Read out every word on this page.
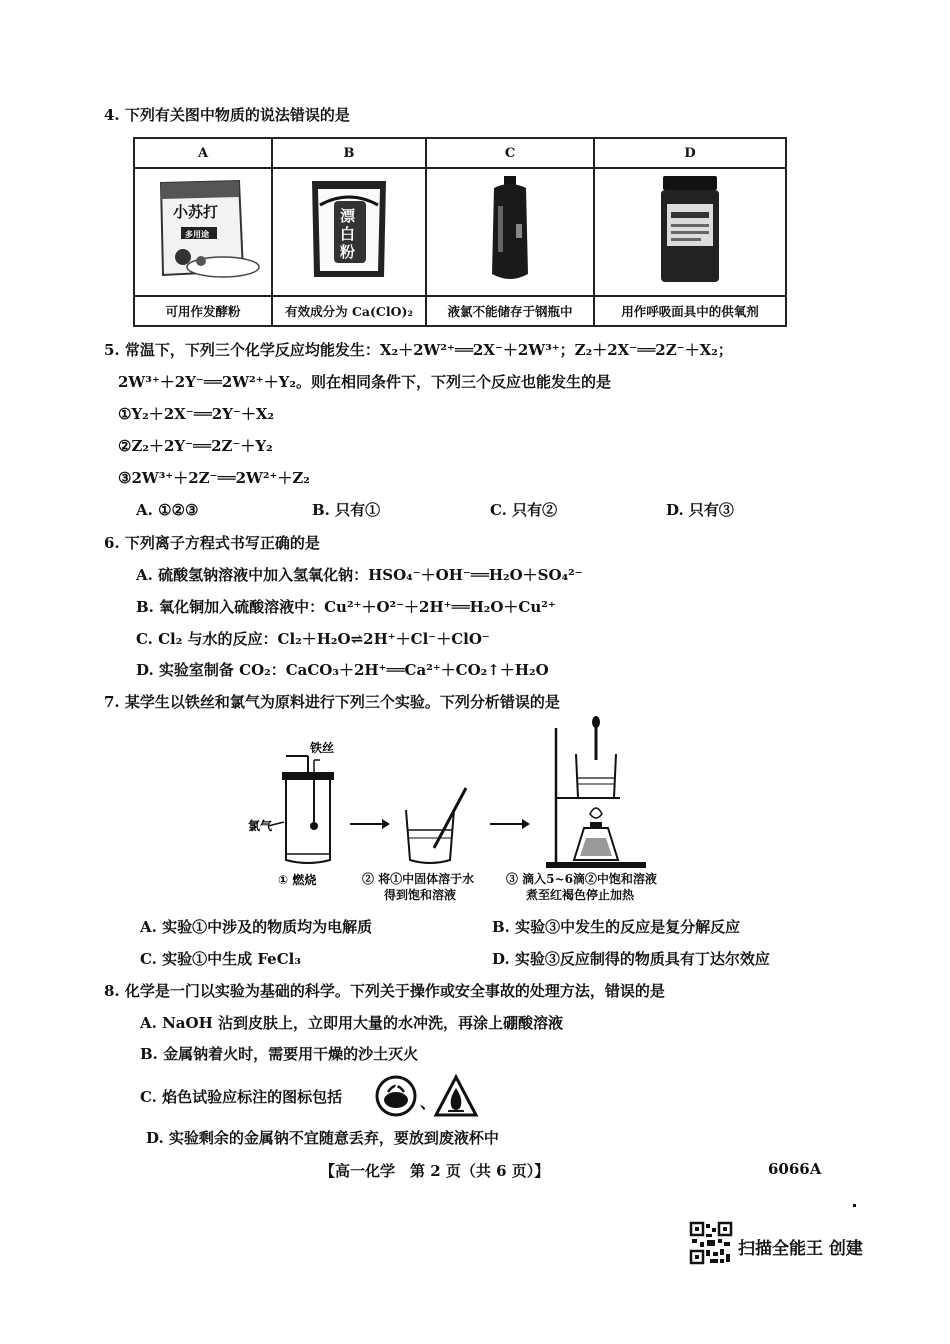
4. 下列有关图中物质的说法错误的是
A	B	C	D

小苏打
多用途	漂
白
粉

可用作发酵粉	有效成分为 Ca(ClO)₂	液氯不能储存于钢瓶中	用作呼吸面具中的供氧剂
5. 常温下，下列三个化学反应均能发生：X₂＋2W²⁺══2X⁻＋2W³⁺；Z₂＋2X⁻══2Z⁻＋X₂；
2W³⁺＋2Y⁻══2W²⁺＋Y₂。则在相同条件下，下列三个反应也能发生的是
①Y₂＋2X⁻══2Y⁻＋X₂
②Z₂＋2Y⁻══2Z⁻＋Y₂
③2W³⁺＋2Z⁻══2W²⁺＋Z₂
A. ①②③	B. 只有①	C. 只有②	D. 只有③
6. 下列离子方程式书写正确的是
A. 硫酸氢钠溶液中加入氢氧化钠：HSO₄⁻＋OH⁻══H₂O＋SO₄²⁻
B. 氧化铜加入硫酸溶液中：Cu²⁺＋O²⁻＋2H⁺══H₂O＋Cu²⁺
C. Cl₂ 与水的反应：Cl₂＋H₂O⇌2H⁺＋Cl⁻＋ClO⁻
D. 实验室制备 CO₂：CaCO₃＋2H⁺══Ca²⁺＋CO₂↑＋H₂O
7. 某学生以铁丝和氯气为原料进行下列三个实验。下列分析错误的是
铁丝
氯气
① 燃烧	② 将①中固体溶于水
得到饱和溶液
③ 滴入5~6滴②中饱和溶液
煮至红褐色停止加热
A. 实验①中涉及的物质均为电解质	B. 实验③中发生的反应是复分解反应
C. 实验①中生成 FeCl₃	D. 实验③反应制得的物质具有丁达尔效应
8. 化学是一门以实验为基础的科学。下列关于操作或安全事故的处理方法，错误的是
A. NaOH 沾到皮肤上，立即用大量的水冲洗，再涂上硼酸溶液
B. 金属钠着火时，需要用干燥的沙土灭火
C. 焰色试验应标注的图标包括	、
D. 实验剩余的金属钠不宜随意丢弃，要放到废液杯中
【高一化学　第 2 页（共 6 页）】	6066A
扫描全能王 创建
